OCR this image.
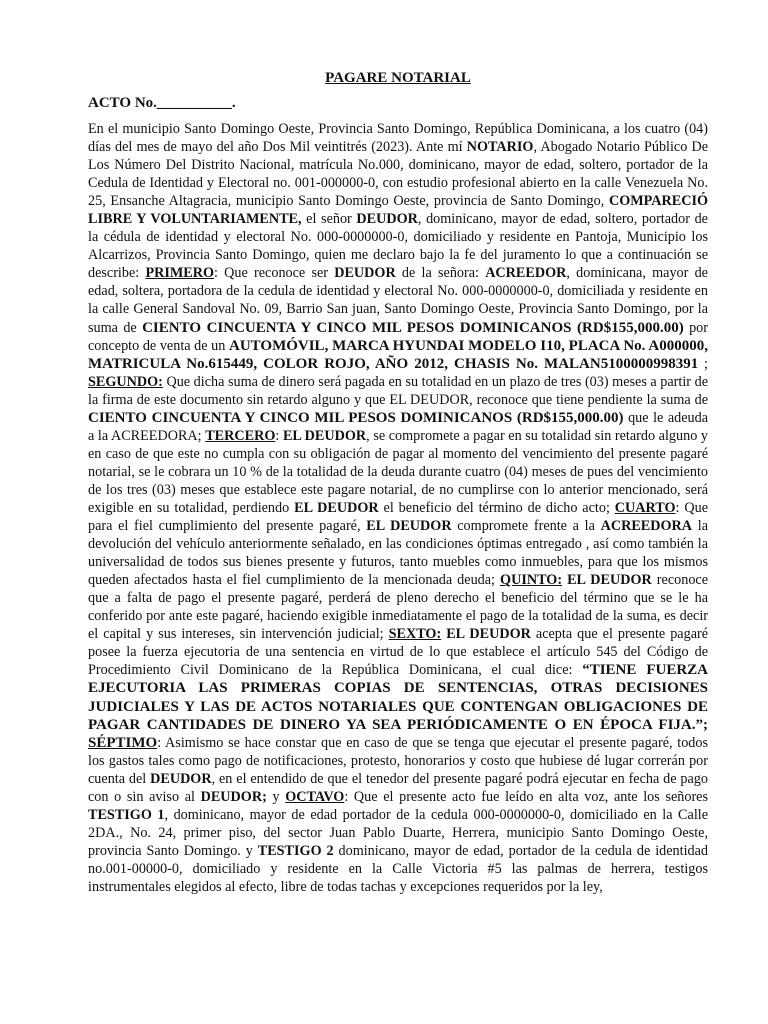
PAGARE NOTARIAL
ACTO No.__________.

En el municipio Santo Domingo Oeste, Provincia Santo Domingo, República Dominicana, a los cuatro (04) días del mes de mayo del año Dos Mil veintitrés (2023). Ante mí NOTARIO, Abogado Notario Público De Los Número Del Distrito Nacional, matrícula No.000, dominicano, mayor de edad, soltero, portador de la Cedula de Identidad y Electoral no. 001-000000-0, con estudio profesional abierto en la calle Venezuela No. 25, Ensanche Altagracia, municipio Santo Domingo Oeste, provincia de Santo Domingo, COMPARECIÓ LIBRE Y VOLUNTARIAMENTE, el señor DEUDOR, dominicano, mayor de edad, soltero, portador de la cédula de identidad y electoral No. 000-0000000-0, domiciliado y residente en Pantoja, Municipio los Alcarrizos, Provincia Santo Domingo, quien me declaro bajo la fe del juramento lo que a continuación se describe: PRIMERO: Que reconoce ser DEUDOR de la señora: ACREEDOR, dominicana, mayor de edad, soltera, portadora de la cedula de identidad y electoral No. 000-0000000-0, domiciliada y residente en la calle General Sandoval No. 09, Barrio San juan, Santo Domingo Oeste, Provincia Santo Domingo, por la suma de CIENTO CINCUENTA Y CINCO MIL PESOS DOMINICANOS (RD$155,000.00) por concepto de venta de un AUTOMÓVIL, MARCA HYUNDAI MODELO I10, PLACA No. A000000, MATRICULA No.615449, COLOR ROJO, AÑO 2012, CHASIS No. MALAN5100000998391 ; SEGUNDO: Que dicha suma de dinero será pagada en su totalidad en un plazo de tres (03) meses a partir de la firma de este documento sin retardo alguno y que EL DEUDOR, reconoce que tiene pendiente la suma de CIENTO CINCUENTA Y CINCO MIL PESOS DOMINICANOS (RD$155,000.00) que le adeuda a la ACREEDORA; TERCERO: EL DEUDOR, se compromete a pagar en su totalidad sin retardo alguno y en caso de que este no cumpla con su obligación de pagar al momento del vencimiento del presente pagaré notarial, se le cobrara un 10 % de la totalidad de la deuda durante cuatro (04) meses de pues del vencimiento de los tres (03) meses que establece este pagare notarial, de no cumplirse con lo anterior mencionado, será exigible en su totalidad, perdiendo EL DEUDOR el beneficio del término de dicho acto; CUARTO: Que para el fiel cumplimiento del presente pagaré, EL DEUDOR compromete frente a la ACREEDORA la devolución del vehículo anteriormente señalado, en las condiciones óptimas entregado , así como también la universalidad de todos sus bienes presente y futuros, tanto muebles como inmuebles, para que los mismos queden afectados hasta el fiel cumplimiento de la mencionada deuda; QUINTO: EL DEUDOR reconoce que a falta de pago el presente pagaré, perderá de pleno derecho el beneficio del término que se le ha conferido por ante este pagaré, haciendo exigible inmediatamente el pago de la totalidad de la suma, es decir el capital y sus intereses, sin intervención judicial; SEXTO: EL DEUDOR acepta que el presente pagaré posee la fuerza ejecutoria de una sentencia en virtud de lo que establece el artículo 545 del Código de Procedimiento Civil Dominicano de la República Dominicana, el cual dice: “TIENE FUERZA EJECUTORIA LAS PRIMERAS COPIAS DE SENTENCIAS, OTRAS DECISIONES JUDICIALES Y LAS DE ACTOS NOTARIALES QUE CONTENGAN OBLIGACIONES DE PAGAR CANTIDADES DE DINERO YA SEA PERIÓDICAMENTE O EN ÉPOCA FIJA.”; SÉPTIMO: Asimismo se hace constar que en caso de que se tenga que ejecutar el presente pagaré, todos los gastos tales como pago de notificaciones, protesto, honorarios y costo que hubiese dé lugar correrán por cuenta del DEUDOR, en el entendido de que el tenedor del presente pagaré podrá ejecutar en fecha de pago con o sin aviso al DEUDOR; y OCTAVO: Que el presente acto fue leído en alta voz, ante los señores TESTIGO 1, dominicano, mayor de edad portador de la cedula 000-0000000-0, domiciliado en la Calle 2DA., No. 24, primer piso, del sector Juan Pablo Duarte, Herrera, municipio Santo Domingo Oeste, provincia Santo Domingo. y TESTIGO 2 dominicano, mayor de edad, portador de la cedula de identidad no.001-00000-0, domiciliado y residente en la Calle Victoria #5 las palmas de herrera, testigos instrumentales elegidos al efecto, libre de todas tachas y excepciones requeridos por la ley,
